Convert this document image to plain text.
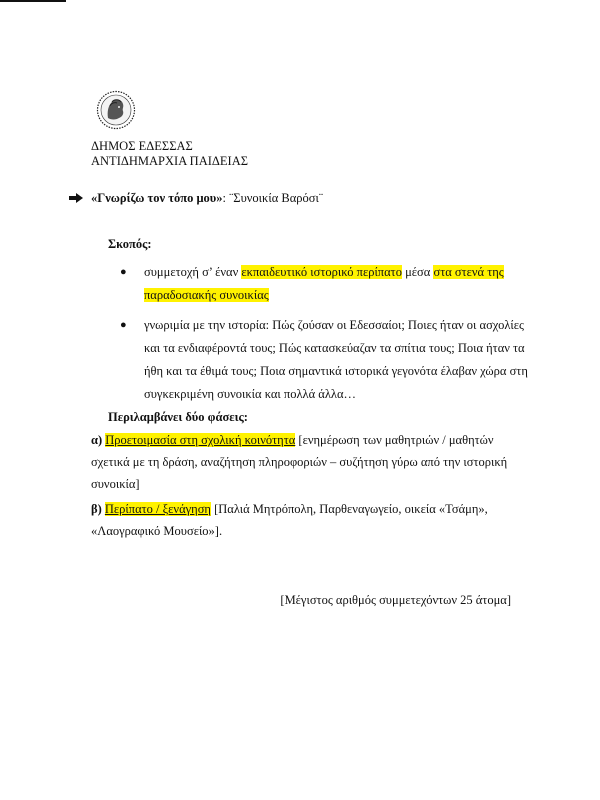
ΔΗΜΟΣ ΕΔΕΣΣΑΣ
ΑΝΤΙΔΗΜΑΡΧΙΑ ΠΑΙΔΕΙΑΣ
«Γνωρίζω τον τόπο μου»: ¨Συνοικία Βαρόσι¨
Σκοπός:
● συμμετοχή σ’ έναν εκπαιδευτικό ιστορικό περίπατο μέσα στα στενά της
παραδοσιακής συνοικίας
● γνωριμία με την ιστορία: Πώς ζούσαν οι Εδεσσαίοι; Ποιες ήταν οι ασχολίες
και τα ενδιαφέροντά τους; Πώς κατασκεύαζαν τα σπίτια τους; Ποια ήταν τα
ήθη και τα έθιμά τους; Ποια σημαντικά ιστορικά γεγονότα έλαβαν χώρα στη
συγκεκριμένη συνοικία και πολλά άλλα…
Περιλαμβάνει δύο φάσεις:
α) Προετοιμασία στη σχολική κοινότητα [ενημέρωση των μαθητριών / μαθητών
σχετικά με τη δράση, αναζήτηση πληροφοριών – συζήτηση γύρω από την ιστορική
συνοικία]
β) Περίπατο / ξενάγηση [Παλιά Μητρόπολη, Παρθεναγωγείο, οικεία «Τσάμη»,
«Λαογραφικό Μουσείο»].
[Μέγιστος αριθμός συμμετεχόντων 25 άτομα]
